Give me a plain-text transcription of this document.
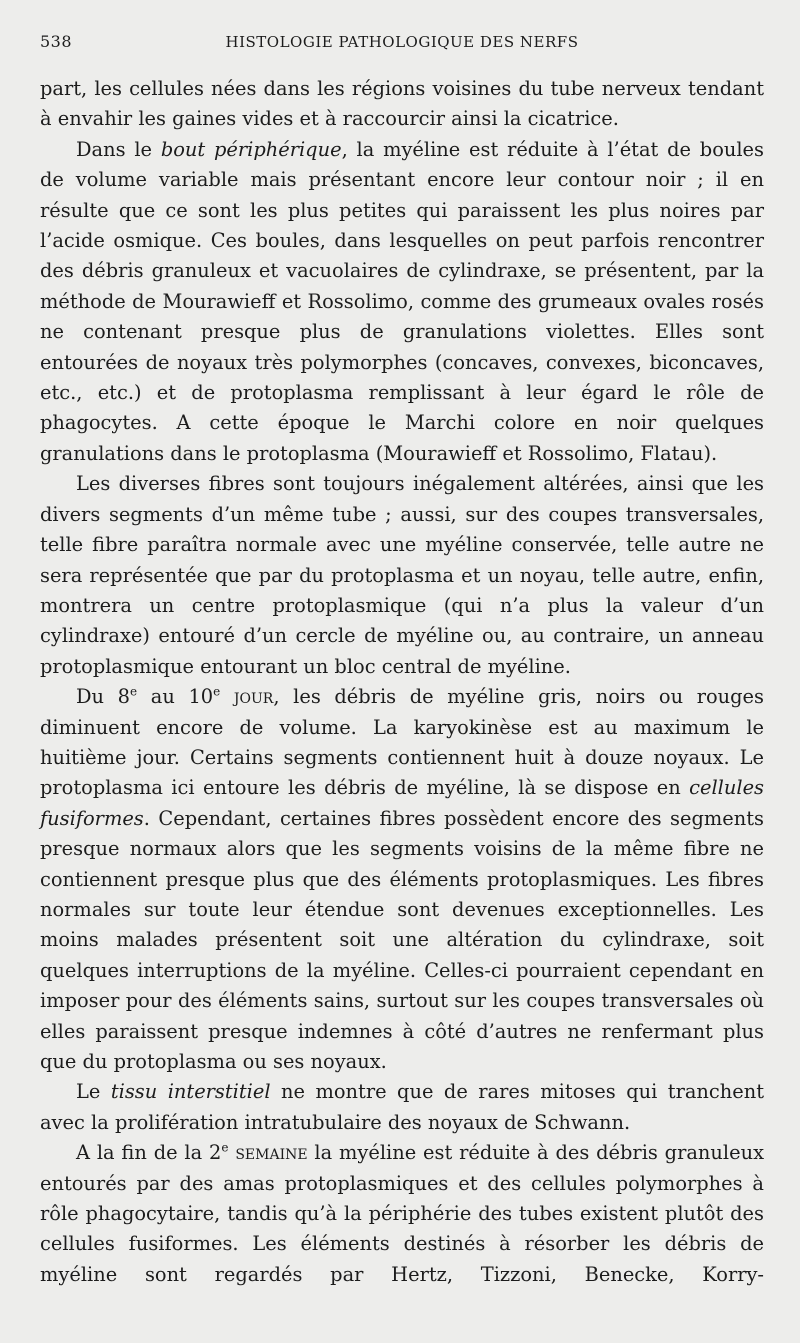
538	HISTOLOGIE PATHOLOGIQUE DES NERFS

part, les cellules nées dans les régions voisines du tube nerveux tendant à envahir les gaines vides et à raccourcir ainsi la cicatrice.

Dans le bout périphérique, la myéline est réduite à l’état de boules de volume variable mais présentant encore leur contour noir ; il en résulte que ce sont les plus petites qui paraissent les plus noires par l’acide osmique. Ces boules, dans lesquelles on peut parfois rencontrer des débris granuleux et vacuolaires de cylindraxe, se présentent, par la méthode de Mourawieff et Rossolimo, comme des grumeaux ovales rosés ne contenant presque plus de granulations violettes. Elles sont entourées de noyaux très polymorphes (concaves, convexes, biconcaves, etc., etc.) et de protoplasma remplissant à leur égard le rôle de phagocytes. A cette époque le Marchi colore en noir quelques granulations dans le protoplasma (Mourawieff et Rossolimo, Flatau).

Les diverses fibres sont toujours inégalement altérées, ainsi que les divers segments d’un même tube ; aussi, sur des coupes transversales, telle fibre paraîtra normale avec une myéline conservée, telle autre ne sera représentée que par du protoplasma et un noyau, telle autre, enfin, montrera un centre protoplasmique (qui n’a plus la valeur d’un cylindraxe) entouré d’un cercle de myéline ou, au contraire, un anneau protoplasmique entourant un bloc central de myéline.

Du 8e au 10e jour, les débris de myéline gris, noirs ou rouges diminuent encore de volume. La karyokinèse est au maximum le huitième jour. Certains segments contiennent huit à douze noyaux. Le protoplasma ici entoure les débris de myéline, là se dispose en cellules fusiformes. Cependant, certaines fibres possèdent encore des segments presque normaux alors que les segments voisins de la même fibre ne contiennent presque plus que des éléments protoplasmiques. Les fibres normales sur toute leur étendue sont devenues exceptionnelles. Les moins malades présentent soit une altération du cylindraxe, soit quelques interruptions de la myéline. Celles-ci pourraient cependant en imposer pour des éléments sains, surtout sur les coupes transversales où elles paraissent presque indemnes à côté d’autres ne renfermant plus que du protoplasma ou ses noyaux.

Le tissu interstitiel ne montre que de rares mitoses qui tranchent avec la prolifération intratubulaire des noyaux de Schwann.

A la fin de la 2e semaine la myéline est réduite à des débris granuleux entourés par des amas protoplasmiques et des cellules polymorphes à rôle phagocytaire, tandis qu’à la périphérie des tubes existent plutôt des cellules fusiformes. Les éléments destinés à résorber les débris de myéline sont regardés par Hertz, Tizzoni, Benecke, Korry-
